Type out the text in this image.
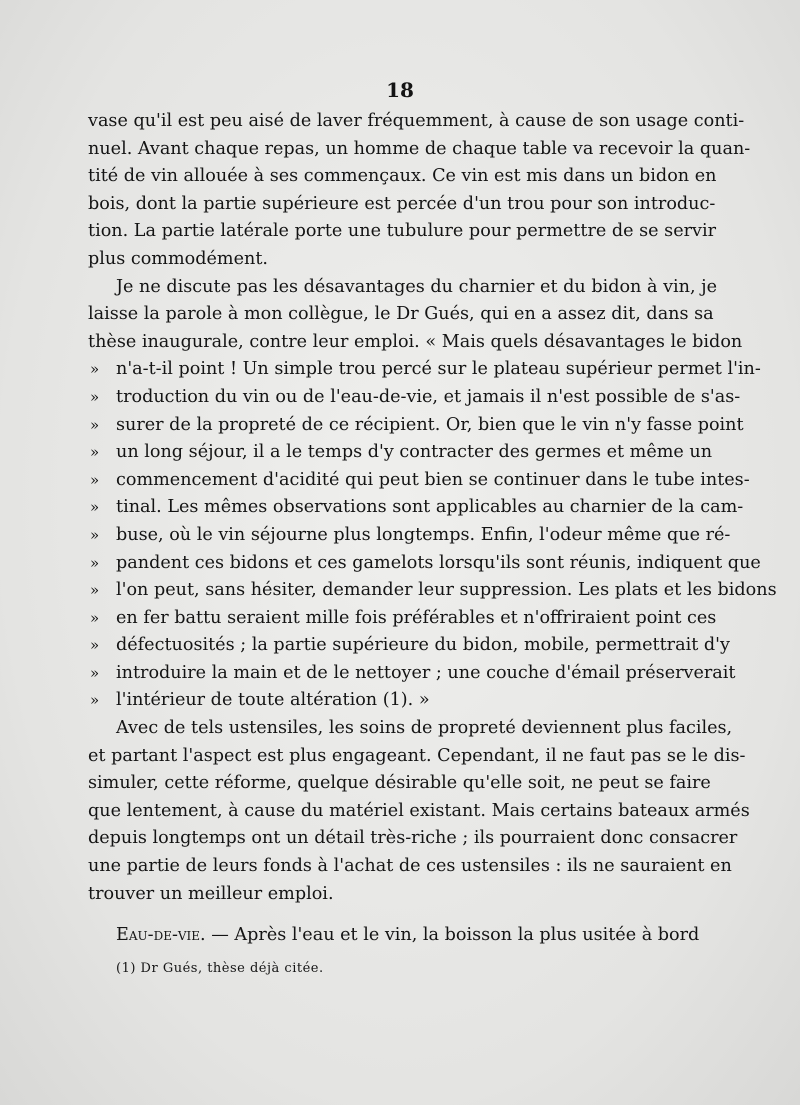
18
vase qu'il est peu aisé de laver fréquemment, à cause de son usage conti-
nuel. Avant chaque repas, un homme de chaque table va recevoir la quan-
tité de vin allouée à ses commençaux. Ce vin est mis dans un bidon en
bois, dont la partie supérieure est percée d'un trou pour son introduc-
tion. La partie latérale porte une tubulure pour permettre de se servir
plus commodément.
Je ne discute pas les désavantages du charnier et du bidon à vin, je
laisse la parole à mon collègue, le Dr Gués, qui en a assez dit, dans sa
thèse inaugurale, contre leur emploi. « Mais quels désavantages le bidon
» n'a-t-il point ! Un simple trou percé sur le plateau supérieur permet l'in-
» troduction du vin ou de l'eau-de-vie, et jamais il n'est possible de s'as-
» surer de la propreté de ce récipient. Or, bien que le vin n'y fasse point
» un long séjour, il a le temps d'y contracter des germes et même un
» commencement d'acidité qui peut bien se continuer dans le tube intes-
» tinal. Les mêmes observations sont applicables au charnier de la cam-
» buse, où le vin séjourne plus longtemps. Enfin, l'odeur même que ré-
» pandent ces bidons et ces gamelots lorsqu'ils sont réunis, indiquent que
» l'on peut, sans hésiter, demander leur suppression. Les plats et les bidons
» en fer battu seraient mille fois préférables et n'offriraient point ces
» défectuosités ; la partie supérieure du bidon, mobile, permettrait d'y
» introduire la main et de le nettoyer ; une couche d'émail préserverait
» l'intérieur de toute altération (1). »
Avec de tels ustensiles, les soins de propreté deviennent plus faciles,
et partant l'aspect est plus engageant. Cependant, il ne faut pas se le dis-
simuler, cette réforme, quelque désirable qu'elle soit, ne peut se faire
que lentement, à cause du matériel existant. Mais certains bateaux armés
depuis longtemps ont un détail très-riche ; ils pourraient donc consacrer
une partie de leurs fonds à l'achat de ces ustensiles : ils ne sauraient en
trouver un meilleur emploi.
Eau-de-vie. — Après l'eau et le vin, la boisson la plus usitée à bord
(1) Dr Gués, thèse déjà citée.
